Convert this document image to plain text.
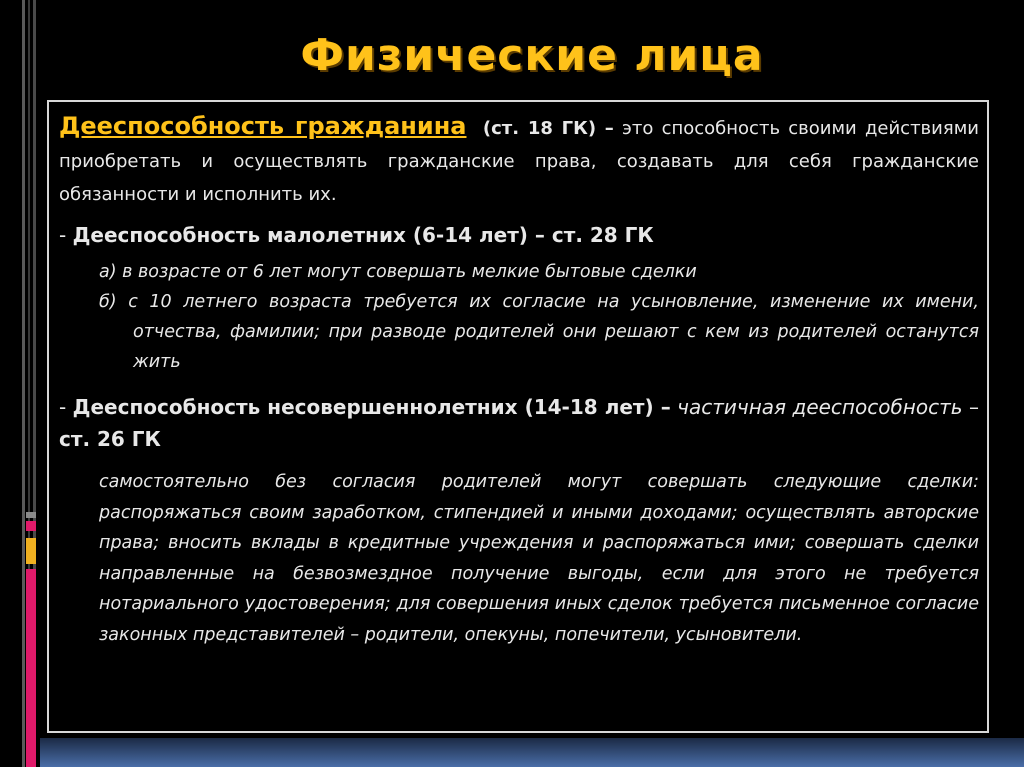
Физические лица

Дееспособность гражданина (ст. 18 ГК) – это способность своими действиями приобретать и осуществлять гражданские права, создавать для себя гражданские обязанности и исполнить их.

- Дееспособность малолетних (6-14 лет) – ст. 28 ГК

а) в возрасте от 6 лет могут совершать мелкие бытовые сделки
б) с 10 летнего возраста требуется их согласие на усыновление, изменение их имени, отчества, фамилии; при разводе родителей они решают с кем из родителей останутся жить

- Дееспособность несовершеннолетних (14-18 лет) – частичная дееспособность – ст. 26 ГК

самостоятельно без согласия родителей могут совершать следующие сделки: распоряжаться своим заработком, стипендией и иными доходами; осуществлять авторские права; вносить вклады в кредитные учреждения и распоряжаться ими; совершать сделки направленные на безвозмездное получение выгоды, если для этого не требуется нотариального удостоверения; для совершения иных сделок требуется письменное согласие законных представителей – родители, опекуны, попечители, усыновители.
